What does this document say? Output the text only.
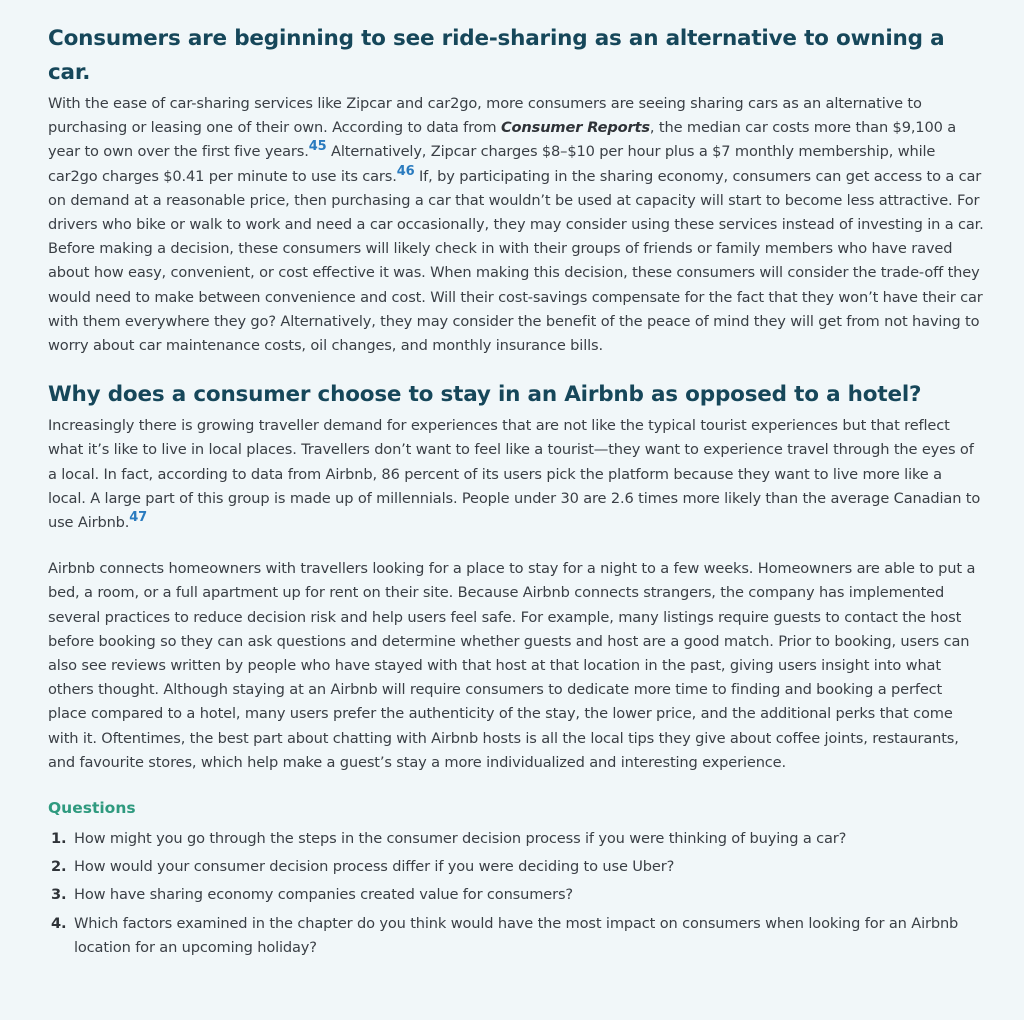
Consumers are beginning to see ride-sharing as an alternative to owning a car.

With the ease of car-sharing services like Zipcar and car2go, more consumers are seeing sharing cars as an alternative to purchasing or leasing one of their own. According to data from Consumer Reports, the median car costs more than $9,100 a year to own over the first five years.$^{45}$ Alternatively, Zipcar charges $8–$10 per hour plus a $7 monthly membership, while car2go charges $0.41 per minute to use its cars.$^{46}$ If, by participating in the sharing economy, consumers can get access to a car on demand at a reasonable price, then purchasing a car that wouldn’t be used at capacity will start to become less attractive. For drivers who bike or walk to work and need a car occasionally, they may consider using these services instead of investing in a car. Before making a decision, these consumers will likely check in with their groups of friends or family members who have raved about how easy, convenient, or cost effective it was. When making this decision, these consumers will consider the trade-off they would need to make between convenience and cost. Will their cost-savings compensate for the fact that they won’t have their car with them everywhere they go? Alternatively, they may consider the benefit of the peace of mind they will get from not having to worry about car maintenance costs, oil changes, and monthly insurance bills.

Why does a consumer choose to stay in an Airbnb as opposed to a hotel?

Increasingly there is growing traveller demand for experiences that are not like the typical tourist experiences but that reflect what it’s like to live in local places. Travellers don’t want to feel like a tourist—they want to experience travel through the eyes of a local. In fact, according to data from Airbnb, 86 percent of its users pick the platform because they want to live more like a local. A large part of this group is made up of millennials. People under 30 are 2.6 times more likely than the average Canadian to use Airbnb.$^{47}$

Airbnb connects homeowners with travellers looking for a place to stay for a night to a few weeks. Homeowners are able to put a bed, a room, or a full apartment up for rent on their site. Because Airbnb connects strangers, the company has implemented several practices to reduce decision risk and help users feel safe. For example, many listings require guests to contact the host before booking so they can ask questions and determine whether guests and host are a good match. Prior to booking, users can also see reviews written by people who have stayed with that host at that location in the past, giving users insight into what others thought. Although staying at an Airbnb will require consumers to dedicate more time to finding and booking a perfect place compared to a hotel, many users prefer the authenticity of the stay, the lower price, and the additional perks that come with it. Oftentimes, the best part about chatting with Airbnb hosts is all the local tips they give about coffee joints, restaurants, and favourite stores, which help make a guest’s stay a more individualized and interesting experience.

Questions
1. How might you go through the steps in the consumer decision process if you were thinking of buying a car?
2. How would your consumer decision process differ if you were deciding to use Uber?
3. How have sharing economy companies created value for consumers?
4. Which factors examined in the chapter do you think would have the most impact on consumers when looking for an Airbnb location for an upcoming holiday?
